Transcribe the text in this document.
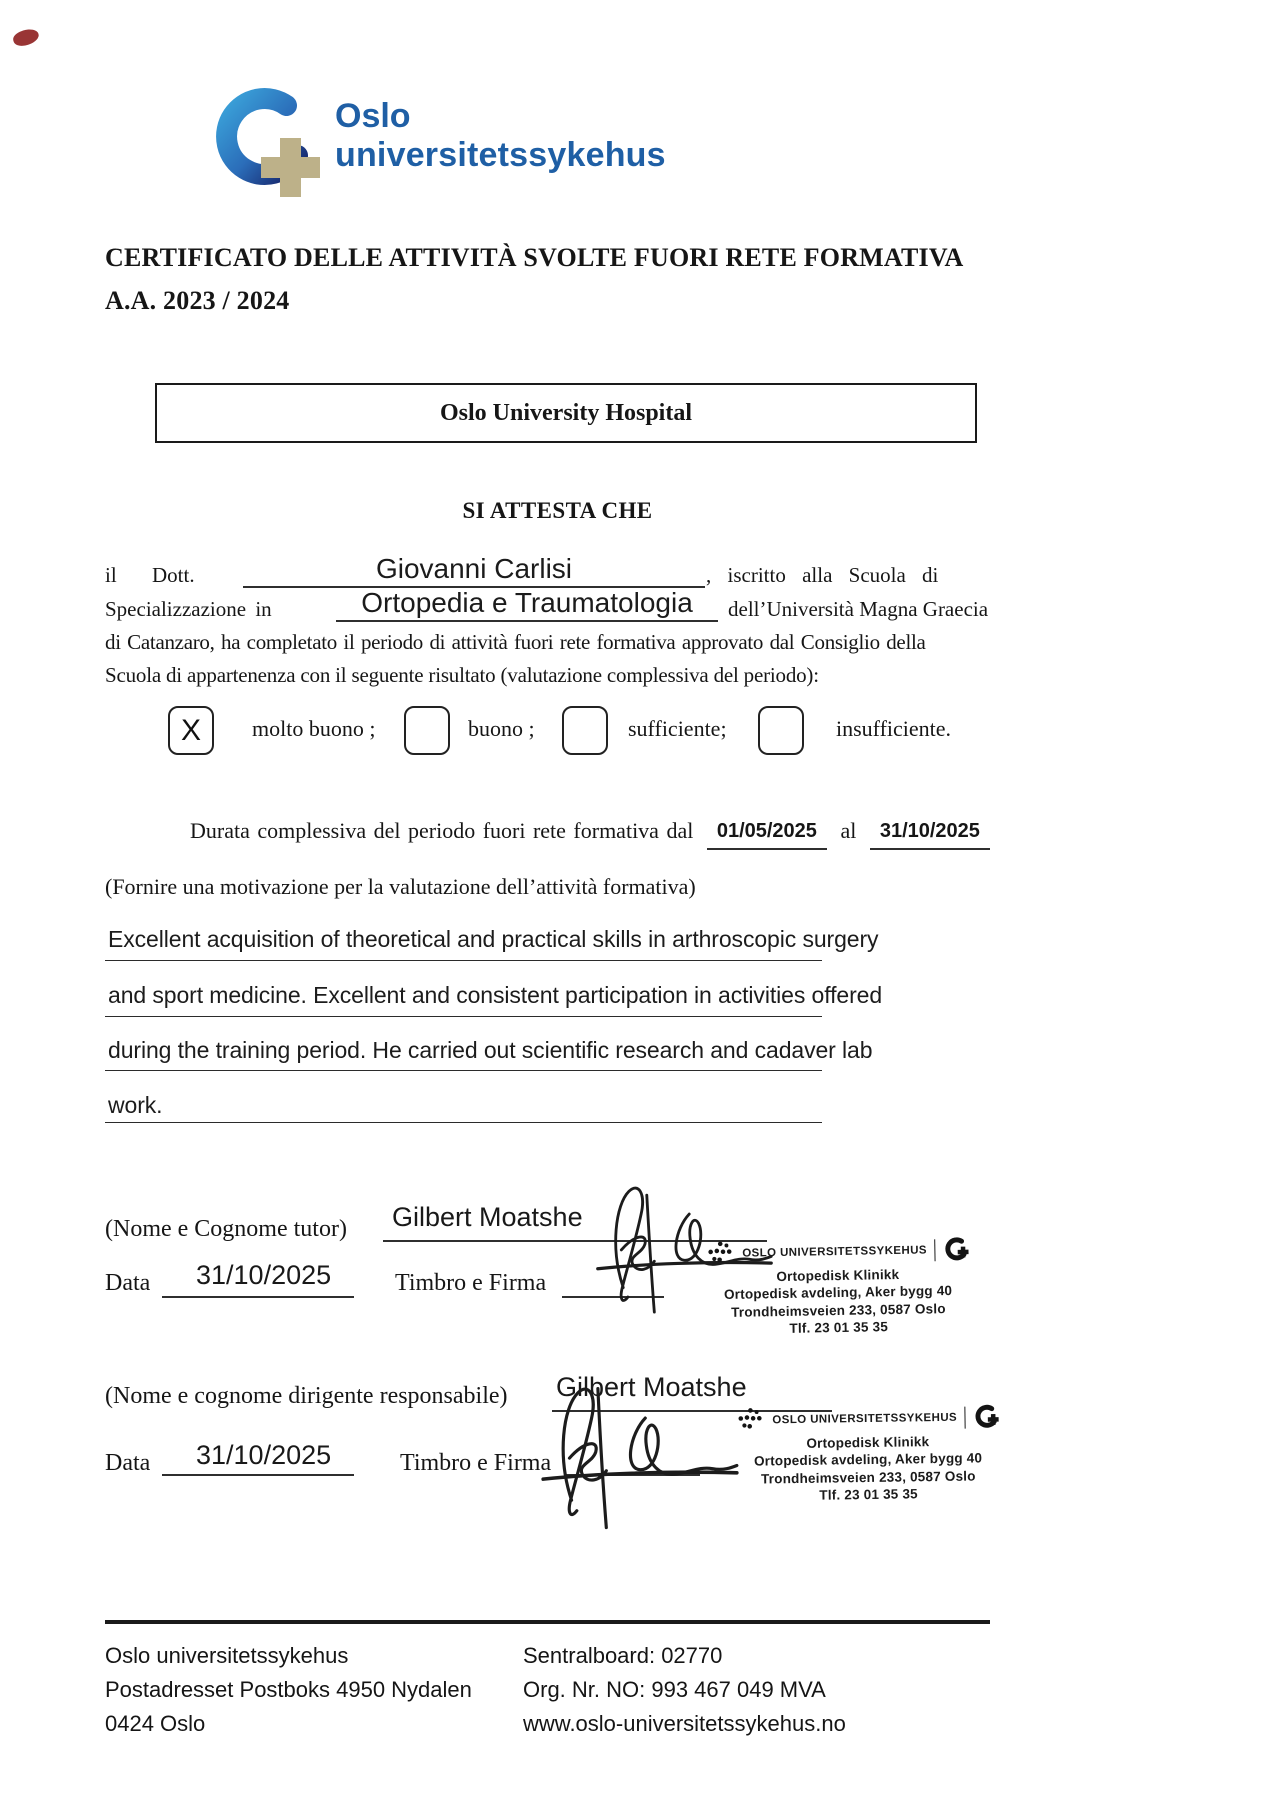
Oslo
universitetssykehus
CERTIFICATO DELLE ATTIVITÀ SVOLTE FUORI RETE FORMATIVA
A.A. 2023 / 2024
Oslo University Hospital
SI ATTESTA CHE
il Dott.	Giovanni Carlisi	, iscritto alla Scuola di
Specializzazione in	Ortopedia e Traumatologia dell’Università Magna Graecia
di Catanzaro, ha completato il periodo di attività fuori rete formativa approvato dal Consiglio della
Scuola di appartenenza con il seguente risultato (valutazione complessiva del periodo):
X molto buono ;	buono ;	sufficiente;	insufficiente.
Durata complessiva del periodo fuori rete formativa dal 01/05/2025 al 31/10/2025
(Fornire una motivazione per la valutazione dell’attività formativa)
Excellent acquisition of theoretical and practical skills in arthroscopic surgery
and sport medicine. Excellent and consistent participation in activities offered
during the training period. He carried out scientific research and cadaver lab
work.
(Nome e Cognome tutor) Gilbert Moatshe
Data 31/10/2025	Timbro e Firma
OSLO UNIVERSITETSSYKEHUS
Ortopedisk Klinikk
Ortopedisk avdeling, Aker bygg 40
Trondheimsveien 233, 0587 Oslo
Tlf. 23 01 35 35
(Nome e cognome dirigente responsabile) Gilbert Moatshe
Data 31/10/2025	Timbro e Firma
OSLO UNIVERSITETSSYKEHUS
Ortopedisk Klinikk
Ortopedisk avdeling, Aker bygg 40
Trondheimsveien 233, 0587 Oslo
Tlf. 23 01 35 35
Oslo universitetssykehus
Postadresset Postboks 4950 Nydalen
0424 Oslo
Sentralboard: 02770
Org. Nr. NO: 993 467 049 MVA
www.oslo-universitetssykehus.no
